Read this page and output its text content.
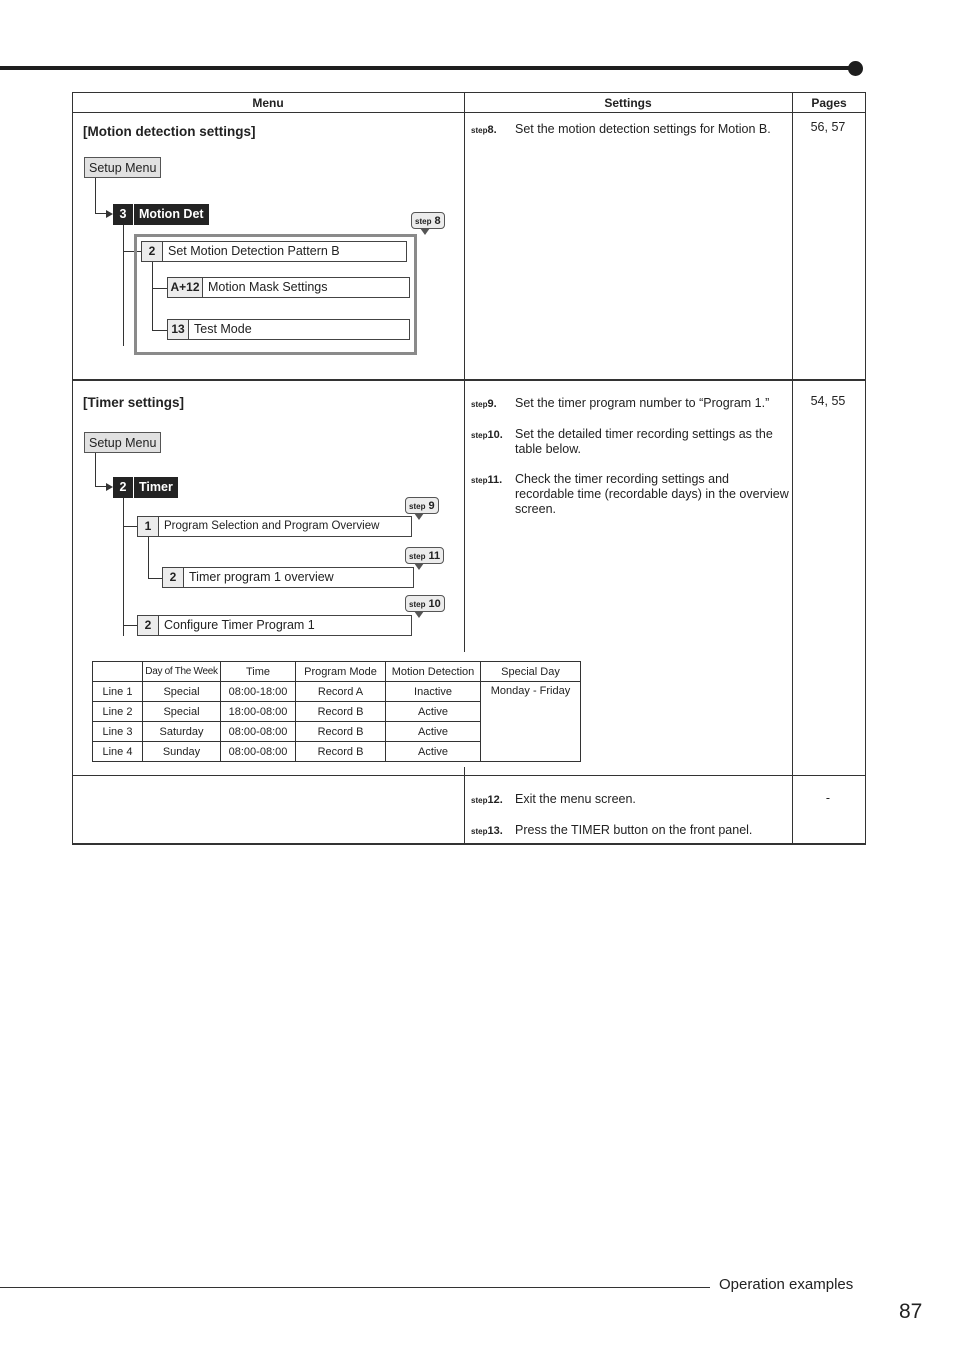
Menu	Settings	Pages
[Motion detection settings]
Setup Menu
3 Motion Det
2	Set Motion Detection Pattern B
A+12 Motion Mask Settings
13 Test Mode
step 8
step8. Set the motion detection settings for Motion B.	56, 57
[Timer settings]
Setup Menu
2 Timer
1	Program Selection and Program Overview
2	Timer program 1 overview
2	Configure Timer Program 1
step 9
step 11
step 10
step9. Set the timer program number to “Program 1.”
step10. Set the detailed timer recording settings as the table below.
step11. Check the timer recording settings and recordable time (recordable days) in the overview screen.
54, 55
	Day of The Week	Time	Program Mode	Motion Detection	Special Day
Line 1	Special	08:00-18:00	Record A	Inactive	Monday - Friday
Line 2	Special	18:00-08:00	Record B	Active	
Line 3	Saturday	08:00-08:00	Record B	Active	
Line 4	Sunday	08:00-08:00	Record B	Active	
step12. Exit the menu screen.
step13. Press the TIMER button on the front panel.
-
Operation examples
87
